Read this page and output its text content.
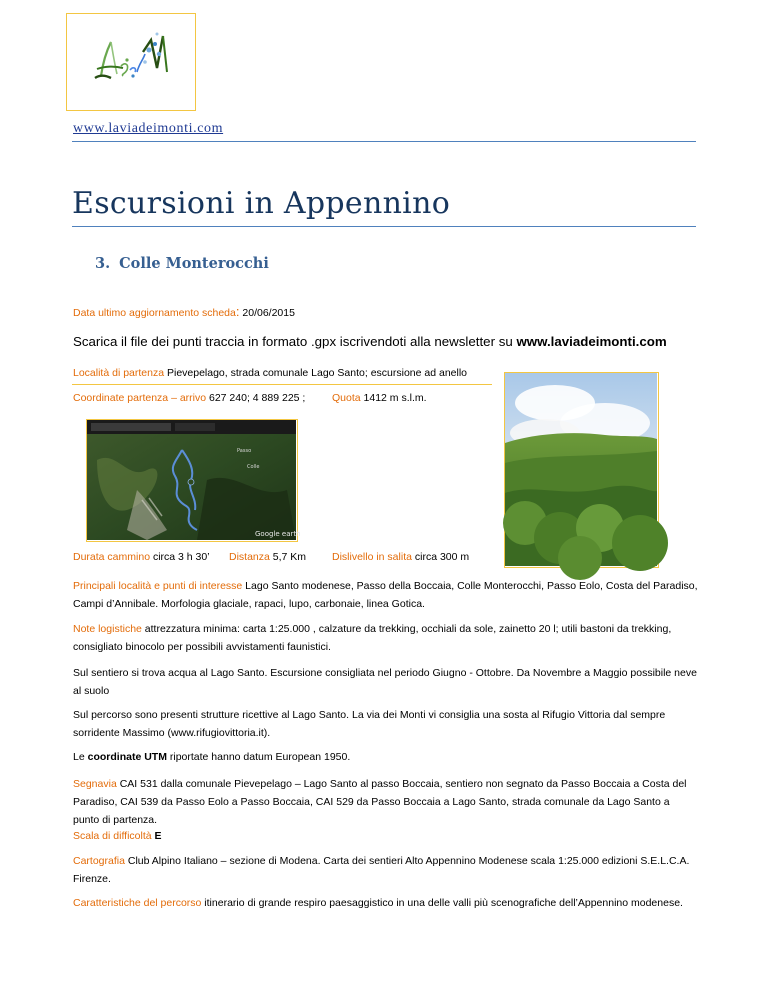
www.laviadeimonti.com
Escursioni in Appennino
3. Colle Monterocchi
Data ultimo aggiornamento scheda: 20/06/2015
Scarica il file dei punti traccia in formato .gpx iscrivendoti alla newsletter su www.laviadeimonti.com
Località di partenza Pievepelago, strada comunale Lago Santo; escursione ad anello
Coordinate partenza – arrivo 627 240; 4 889 225 ;	Quota 1412 m s.l.m.
Passo
Colle
Google earth
Durata cammino circa 3 h 30’ Distanza 5,7 Km Dislivello in salita circa 300 m
Principali località e punti di interesse Lago Santo modenese, Passo della Boccaia, Colle Monterocchi, Passo Eolo, Costa del Paradiso, Campi d’Annibale. Morfologia glaciale, rapaci, lupo, carbonaie, linea Gotica.
Note logistiche attrezzatura minima: carta 1:25.000 , calzature da trekking, occhiali da sole, zainetto 20 l; utili bastoni da trekking, consigliato binocolo per possibili avvistamenti faunistici.
Sul sentiero si trova acqua al Lago Santo. Escursione consigliata nel periodo Giugno - Ottobre. Da Novembre a Maggio possibile neve al suolo
Sul percorso sono presenti strutture ricettive al Lago Santo. La via dei Monti vi consiglia una sosta al Rifugio Vittoria dal sempre sorridente Massimo (www.rifugiovittoria.it).
Le coordinate UTM riportate hanno datum European 1950.
Segnavia CAI 531 dalla comunale Pievepelago – Lago Santo al passo Boccaia, sentiero non segnato da Passo Boccaia a Costa del Paradiso, CAI 539 da Passo Eolo a Passo Boccaia, CAI 529 da Passo Boccaia a Lago Santo, strada comunale da Lago Santo a punto di partenza.
Scala di difficoltà E
Cartografia Club Alpino Italiano – sezione di Modena. Carta dei sentieri Alto Appennino Modenese scala 1:25.000 edizioni S.E.L.C.A. Firenze.
Caratteristiche del percorso itinerario di grande respiro paesaggistico in una delle valli più scenografiche dell’Appennino modenese.
